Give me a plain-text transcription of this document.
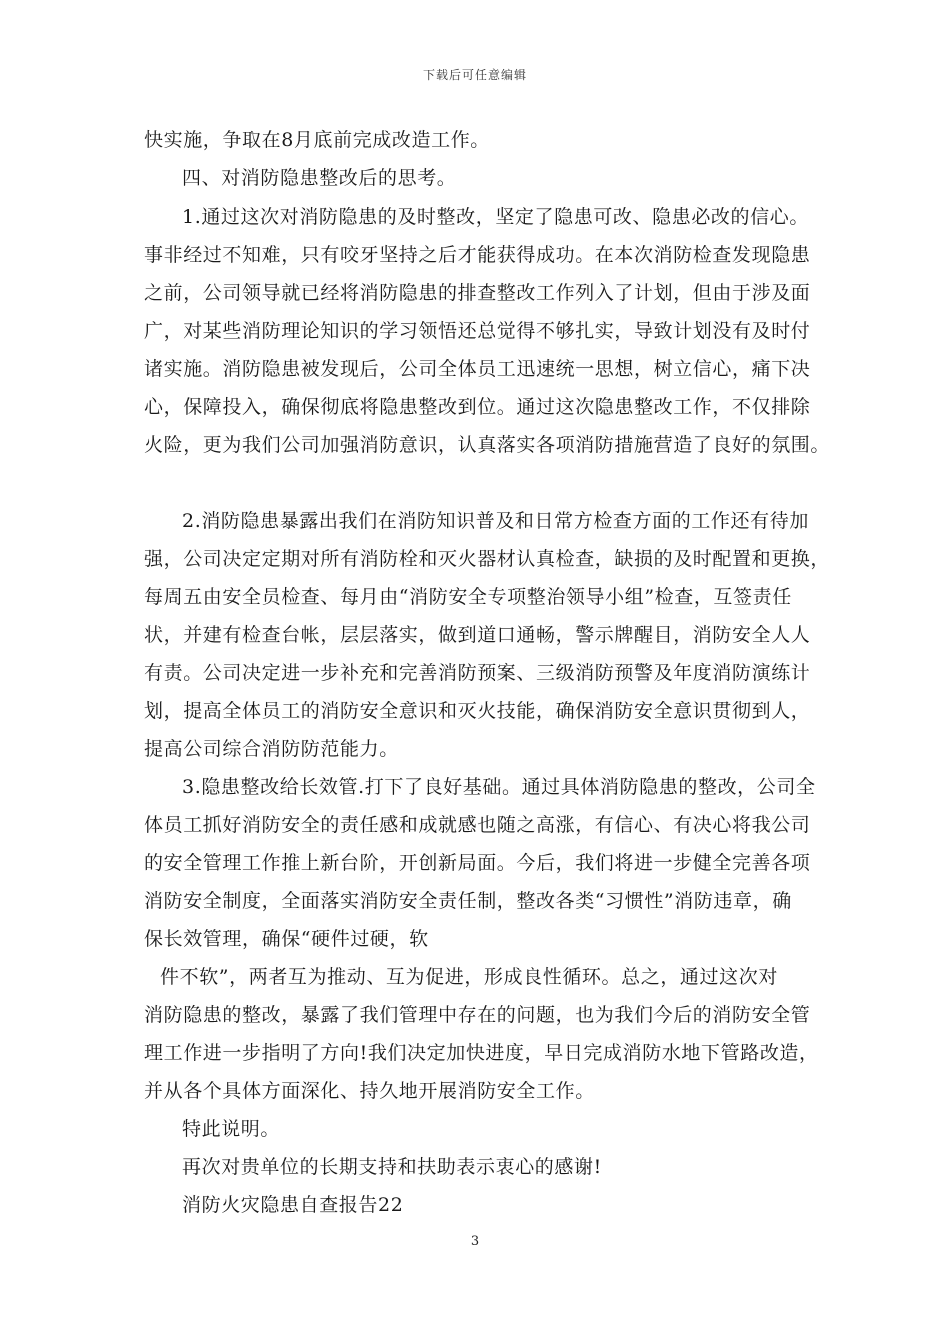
下载后可任意编辑
快实施，争取在8月底前完成改造工作。
四、对消防隐患整改后的思考。
1.通过这次对消防隐患的及时整改，坚定了隐患可改、隐患必改的信心。
事非经过不知难，只有咬牙坚持之后才能获得成功。在本次消防检查发现隐患
之前，公司领导就已经将消防隐患的排查整改工作列入了计划，但由于涉及面
广，对某些消防理论知识的学习领悟还总觉得不够扎实，导致计划没有及时付
诸实施。消防隐患被发现后，公司全体员工迅速统一思想，树立信心，痛下决
心，保障投入，确保彻底将隐患整改到位。通过这次隐患整改工作，不仅排除
火险，更为我们公司加强消防意识，认真落实各项消防措施营造了良好的氛围。
2.消防隐患暴露出我们在消防知识普及和日常方检查方面的工作还有待加
强，公司决定定期对所有消防栓和灭火器材认真检查，缺损的及时配置和更换，
每周五由安全员检查、每月由“消防安全专项整治领导小组”检查，互签责任
状，并建有检查台帐，层层落实，做到道口通畅，警示牌醒目，消防安全人人
有责。公司决定进一步补充和完善消防预案、三级消防预警及年度消防演练计
划，提高全体员工的消防安全意识和灭火技能，确保消防安全意识贯彻到人，
提高公司综合消防防范能力。
3.隐患整改给长效管.打下了良好基础。通过具体消防隐患的整改，公司全
体员工抓好消防安全的责任感和成就感也随之高涨，有信心、有决心将我公司
的安全管理工作推上新台阶，开创新局面。今后，我们将进一步健全完善各项
消防安全制度，全面落实消防安全责任制，整改各类“习惯性”消防违章，确
保长效管理，确保“硬件过硬，软
件不软”，两者互为推动、互为促进，形成良性循环。总之，通过这次对
消防隐患的整改，暴露了我们管理中存在的问题，也为我们今后的消防安全管
理工作进一步指明了方向!我们决定加快进度，早日完成消防水地下管路改造，
并从各个具体方面深化、持久地开展消防安全工作。
特此说明。
再次对贵单位的长期支持和扶助表示衷心的感谢!
消防火灾隐患自查报告22
3
